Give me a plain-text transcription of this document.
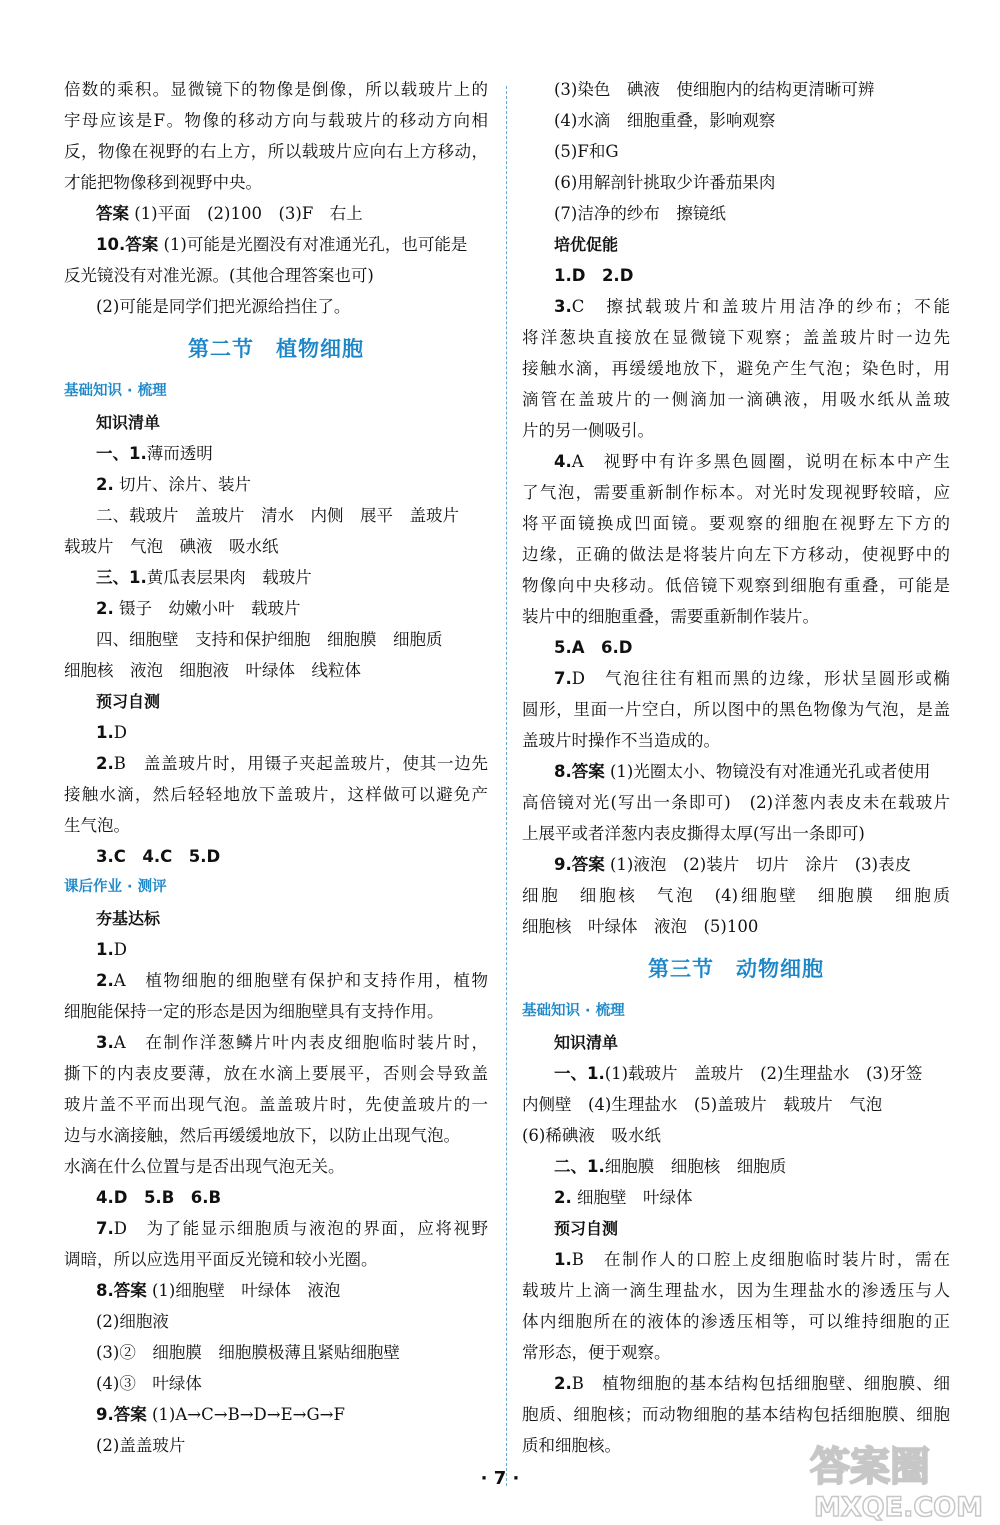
倍数的乘积。显微镜下的物像是倒像，所以载玻片上的
宇母应该是F。物像的移动方向与载玻片的移动方向相
反，物像在视野的右上方，所以载玻片应向右上方移动，
才能把物像移到视野中央。
答案 (1)平面　(2)100　(3)F　右上
10.答案 (1)可能是光圈没有对准通光孔，也可能是
反光镜没有对准光源。(其他合理答案也可)
(2)可能是同学们把光源给挡住了。
第二节 植物细胞
基础知识 · 梳理
知识清单
一、1.薄而透明
2. 切片、涂片、装片
二、载玻片　盖玻片　清水　内侧　展平　盖玻片
载玻片　气泡　碘液　吸水纸
三、1.黄瓜表层果肉　载玻片
2. 镊子　幼嫩小叶　载玻片
四、细胞壁　支持和保护细胞　细胞膜　细胞质
细胞核　液泡　细胞液　叶绿体　线粒体
预习自测
1.D
2.B　盖盖玻片时，用镊子夹起盖玻片，使其一边先
接触水滴，然后轻轻地放下盖玻片，这样做可以避免产
生气泡。
3.C　4.C　5.D
课后作业 · 测评
夯基达标
1.D
2.A　植物细胞的细胞壁有保护和支持作用，植物
细胞能保持一定的形态是因为细胞壁具有支持作用。
3.A　在制作洋葱鳞片叶内表皮细胞临时装片时，
撕下的内表皮要薄，放在水滴上要展平，否则会导致盖
玻片盖不平而出现气泡。盖盖玻片时，先使盖玻片的一
边与水滴接触，然后再缓缓地放下，以防止出现气泡。
水滴在什么位置与是否出现气泡无关。
4.D　5.B　6.B
7.D　为了能显示细胞质与液泡的界面，应将视野
调暗，所以应选用平面反光镜和较小光圈。
8.答案 (1)细胞壁　叶绿体　液泡
(2)细胞液
(3)②　细胞膜　细胞膜极薄且紧贴细胞壁
(4)③　叶绿体
9.答案 (1)A→C→B→D→E→G→F
(2)盖盖玻片
(3)染色　碘液　使细胞内的结构更清晰可辨
(4)水滴　细胞重叠，影响观察
(5)F和G
(6)用解剖针挑取少许番茄果肉
(7)洁净的纱布　擦镜纸
培优促能
1.D　2.D
3.C　擦拭载玻片和盖玻片用洁净的纱布；不能
将洋葱块直接放在显微镜下观察；盖盖玻片时一边先
接触水滴，再缓缓地放下，避免产生气泡；染色时，用
滴管在盖玻片的一侧滴加一滴碘液，用吸水纸从盖玻
片的另一侧吸引。
4.A　视野中有许多黑色圆圈，说明在标本中产生
了气泡，需要重新制作标本。对光时发现视野较暗，应
将平面镜换成凹面镜。要观察的细胞在视野左下方的
边缘，正确的做法是将装片向左下方移动，使视野中的
物像向中央移动。低倍镜下观察到细胞有重叠，可能是
装片中的细胞重叠，需要重新制作装片。
5.A　6.D
7.D　气泡往往有粗而黑的边缘，形状呈圆形或椭
圆形，里面一片空白，所以图中的黑色物像为气泡，是盖
盖玻片时操作不当造成的。
8.答案 (1)光圈太小、物镜没有对准通光孔或者使用
高倍镜对光(写出一条即可)　(2)洋葱内表皮未在载玻片
上展平或者洋葱内表皮撕得太厚(写出一条即可)
9.答案 (1)液泡　(2)装片　切片　涂片　(3)表皮
细胞　细胞核　气泡　(4)细胞壁　细胞膜　细胞质
细胞核　叶绿体　液泡　(5)100
第三节 动物细胞
基础知识 · 梳理
知识清单
一、1.(1)载玻片　盖玻片　(2)生理盐水　(3)牙签
内侧壁　(4)生理盐水　(5)盖玻片　载玻片　气泡
(6)稀碘液　吸水纸
二、1.细胞膜　细胞核　细胞质
2. 细胞壁　叶绿体
预习自测
1.B　在制作人的口腔上皮细胞临时装片时，需在
载玻片上滴一滴生理盐水，因为生理盐水的渗透压与人
体内细胞所在的液体的渗透压相等，可以维持细胞的正
常形态，便于观察。
2.B　植物细胞的基本结构包括细胞壁、细胞膜、细
胞质、细胞核；而动物细胞的基本结构包括细胞膜、细胞
质和细胞核。
· 7 ·	答案圈
MXQE.COM
